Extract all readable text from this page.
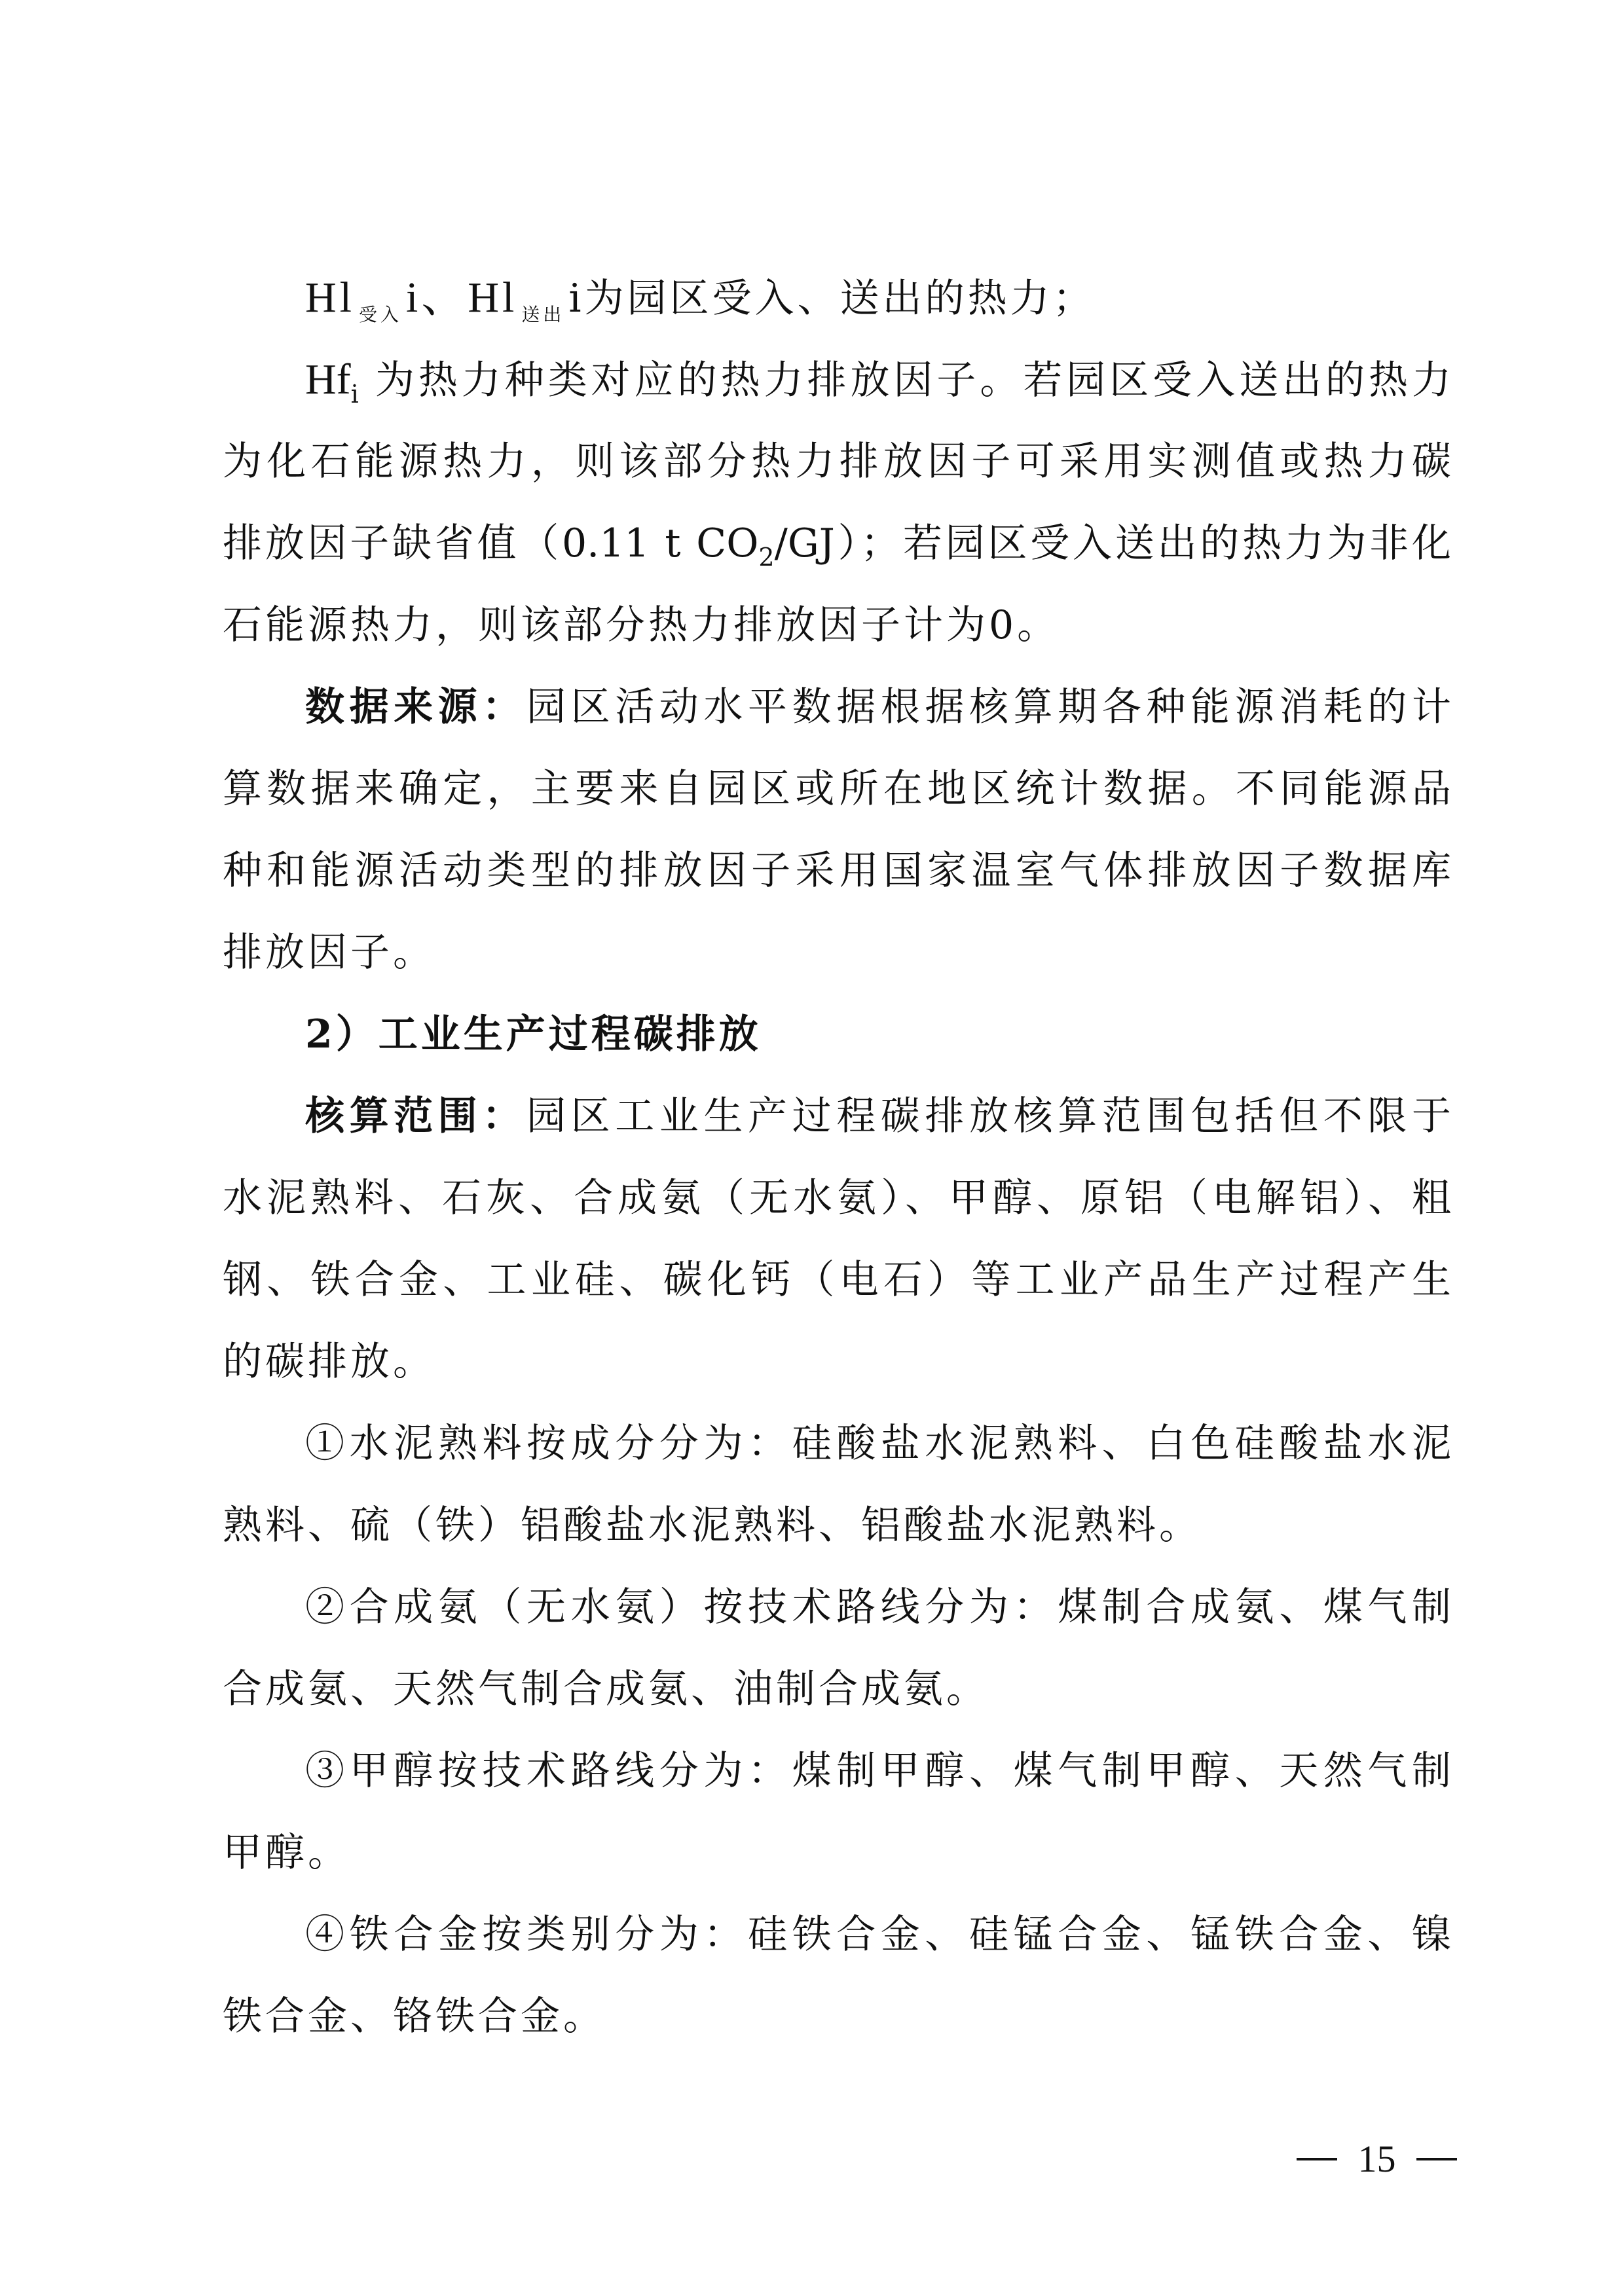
Hl $_{受入}$i、Hl $_{送出}$ i为园区受入、送出的热力；
$Hf_i$ 为热力种类对应的热力排放因子。若园区受入送出的热力
为化石能源热力，则该部分热力排放因子可采用实测值或热力碳
排放因子缺省值（0.11 t $CO_2/GJ$）；若园区受入送出的热力为非化
石能源热力，则该部分热力排放因子计为0。
数据来源：园区活动水平数据根据核算期各种能源消耗的计
算数据来确定，主要来自园区或所在地区统计数据。不同能源品
种和能源活动类型的排放因子采用国家温室气体排放因子数据库
排放因子。
2）工业生产过程碳排放
核算范围：园区工业生产过程碳排放核算范围包括但不限于
水泥熟料、石灰、合成氨（无水氨）、甲醇、原铝（电解铝）、粗
钢、铁合金、工业硅、碳化钙（电石）等工业产品生产过程产生
的碳排放。
①水泥熟料按成分分为：硅酸盐水泥熟料、白色硅酸盐水泥
熟料、硫（铁）铝酸盐水泥熟料、铝酸盐水泥熟料。
②合成氨（无水氨）按技术路线分为：煤制合成氨、煤气制
合成氨、天然气制合成氨、油制合成氨。
③甲醇按技术路线分为：煤制甲醇、煤气制甲醇、天然气制
甲醇。
④铁合金按类别分为：硅铁合金、硅锰合金、锰铁合金、镍
铁合金、铬铁合金。
15
